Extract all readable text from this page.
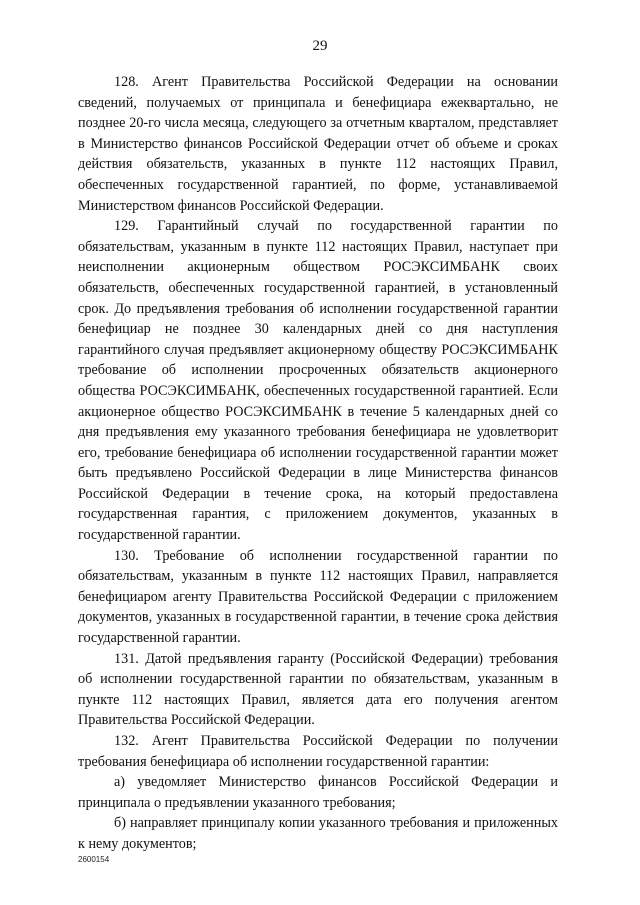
29

128. Агент Правительства Российской Федерации на основании сведений, получаемых от принципала и бенефициара ежеквартально, не позднее 20-го числа месяца, следующего за отчетным кварталом, представляет в Министерство финансов Российской Федерации отчет об объеме и сроках действия обязательств, указанных в пункте 112 настоящих Правил, обеспеченных государственной гарантией, по форме, устанавливаемой Министерством финансов Российской Федерации.

129. Гарантийный случай по государственной гарантии по обязательствам, указанным в пункте 112 настоящих Правил, наступает при неисполнении акционерным обществом РОСЭКСИМБАНК своих обязательств, обеспеченных государственной гарантией, в установленный срок. До предъявления требования об исполнении государственной гарантии бенефициар не позднее 30 календарных дней со дня наступления гарантийного случая предъявляет акционерному обществу РОСЭКСИМБАНК требование об исполнении просроченных обязательств акционерного общества РОСЭКСИМБАНК, обеспеченных государственной гарантией. Если акционерное общество РОСЭКСИМБАНК в течение 5 календарных дней со дня предъявления ему указанного требования бенефициара не удовлетворит его, требование бенефициара об исполнении государственной гарантии может быть предъявлено Российской Федерации в лице Министерства финансов Российской Федерации в течение срока, на который предоставлена государственная гарантия, с приложением документов, указанных в государственной гарантии.

130. Требование об исполнении государственной гарантии по обязательствам, указанным в пункте 112 настоящих Правил, направляется бенефициаром агенту Правительства Российской Федерации с приложением документов, указанных в государственной гарантии, в течение срока действия государственной гарантии.

131. Датой предъявления гаранту (Российской Федерации) требования об исполнении государственной гарантии по обязательствам, указанным в пункте 112 настоящих Правил, является дата его получения агентом Правительства Российской Федерации.

132. Агент Правительства Российской Федерации по получении требования бенефициара об исполнении государственной гарантии:

а) уведомляет Министерство финансов Российской Федерации и принципала о предъявлении указанного требования;

б) направляет принципалу копии указанного требования и приложенных к нему документов;

2600154
